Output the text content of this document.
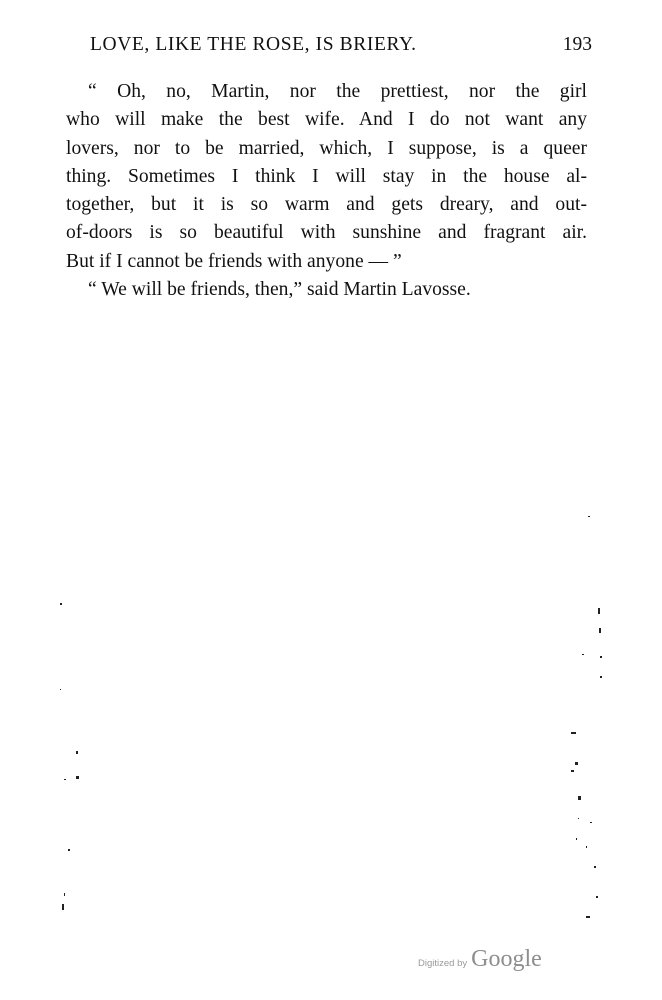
LOVE, LIKE THE ROSE, IS BRIERY.	193

“ Oh, no, Martin, nor the prettiest, nor the girl
who will make the best wife. And I do not want any
lovers, nor to be married, which, I suppose, is a queer
thing. Sometimes I think I will stay in the house al-
together, but it is so warm and gets dreary, and out-
of-doors is so beautiful with sunshine and fragrant air.
But if I cannot be friends with anyone — ”

“ We will be friends, then,” said Martin Lavosse.

Digitized by Google
